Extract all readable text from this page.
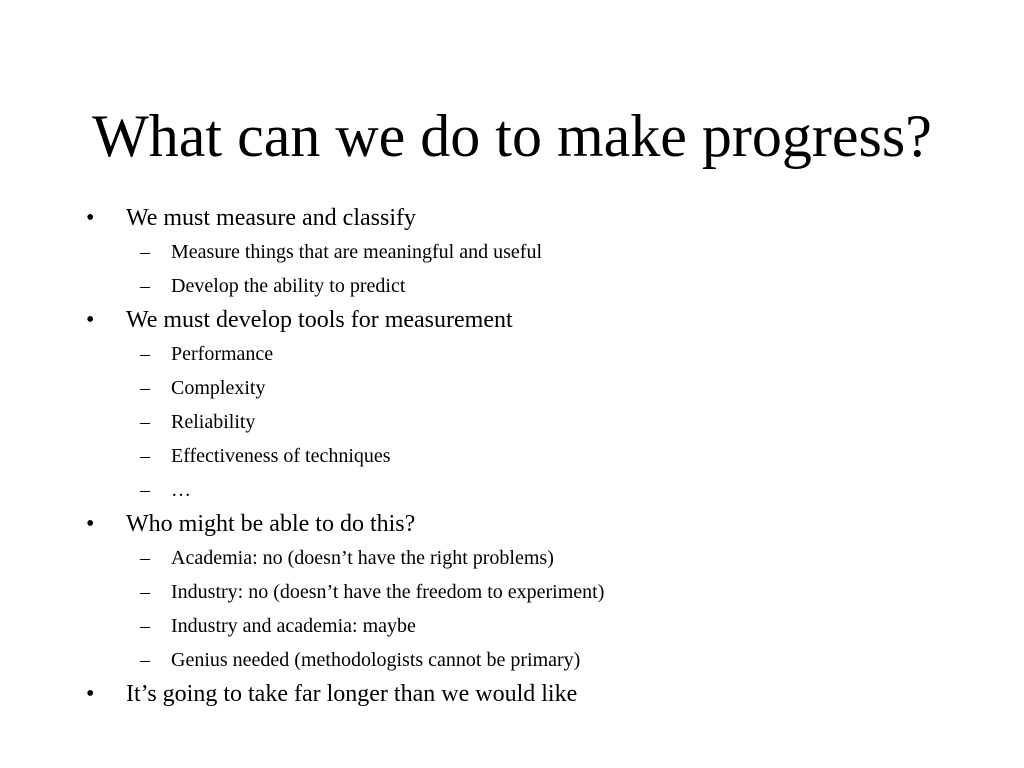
What can we do to make progress?
•	We must measure and classify
– Measure things that are meaningful and useful
– Develop the ability to predict
•	We must develop tools for measurement
– Performance
– Complexity
– Reliability
– Effectiveness of techniques
– …
•	Who might be able to do this?
– Academia: no (doesn’t have the right problems)
– Industry: no (doesn’t have the freedom to experiment)
– Industry and academia: maybe
– Genius needed (methodologists cannot be primary)
•	It’s going to take far longer than we would like
